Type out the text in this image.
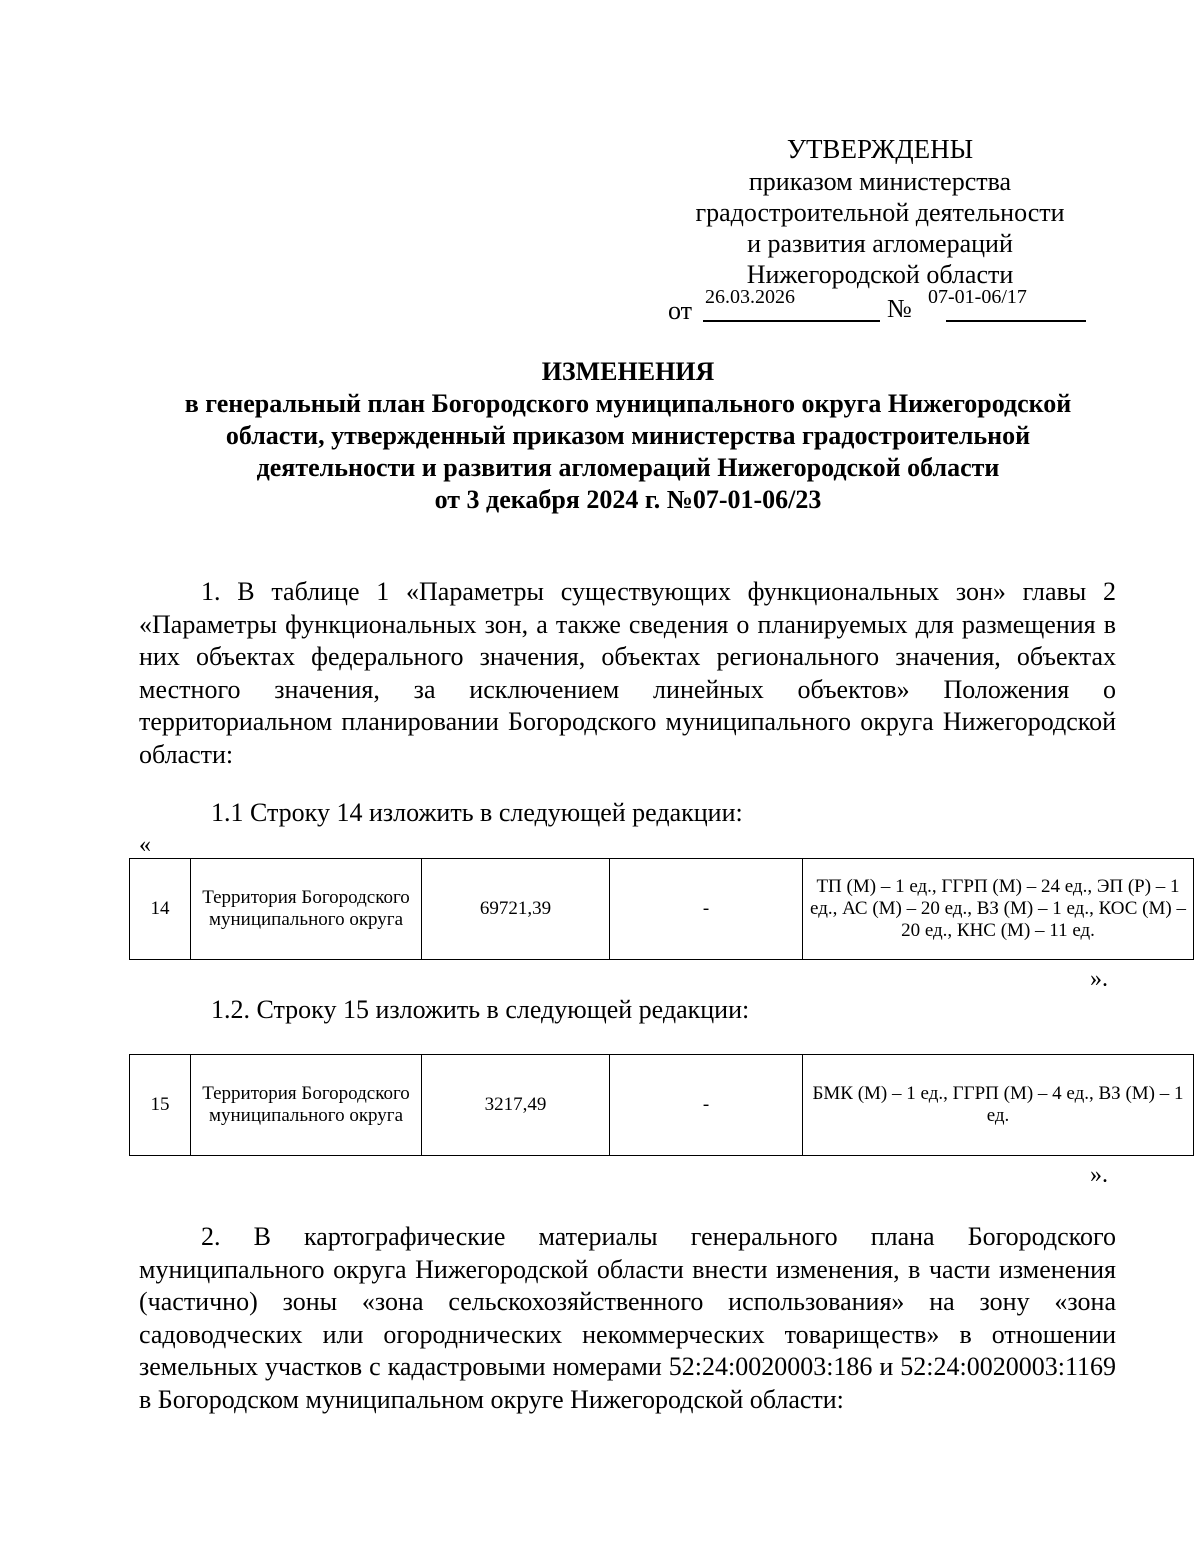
УТВЕРЖДЕНЫ
приказом министерства
градостроительной деятельности
и развития агломераций
Нижегородской области
от 26.03.2026	№ 07-01-06/17
ИЗМЕНЕНИЯ
в генеральный план Богородского муниципального округа Нижегородской
области, утвержденный приказом министерства градостроительной
деятельности и развития агломераций Нижегородской области
от 3 декабря 2024 г. №07-01-06/23
1. В таблице 1 «Параметры существующих функциональных зон» главы 2 «Параметры функциональных зон, а также сведения о планируемых для размещения в них объектах федерального значения, объектах регионального значения, объектах местного значения, за исключением линейных объектов» Положения о территориальном планировании Богородского муниципального округа Нижегородской области:
1.1 Строку 14 изложить в следующей редакции:
«
14	Территория Богородского муниципального округа	69721,39	-	ТП (М) – 1 ед., ГГРП (М) – 24 ед., ЭП (Р) – 1 ед., АС (М) – 20 ед., ВЗ (М) – 1 ед., КОС (М) – 20 ед., КНС (М) – 11 ед.
».
1.2. Строку 15 изложить в следующей редакции:
15	Территория Богородского муниципального округа	3217,49	-	БМК (М) – 1 ед., ГГРП (М) – 4 ед., ВЗ (М) – 1 ед.
».
2. В картографические материалы генерального плана Богородского муниципального округа Нижегородской области внести изменения, в части изменения (частично) зоны «зона сельскохозяйственного использования» на зону «зона садоводческих или огороднических некоммерческих товариществ» в отношении земельных участков с кадастровыми номерами 52:24:0020003:186 и 52:24:0020003:1169 в Богородском муниципальном округе Нижегородской области:
